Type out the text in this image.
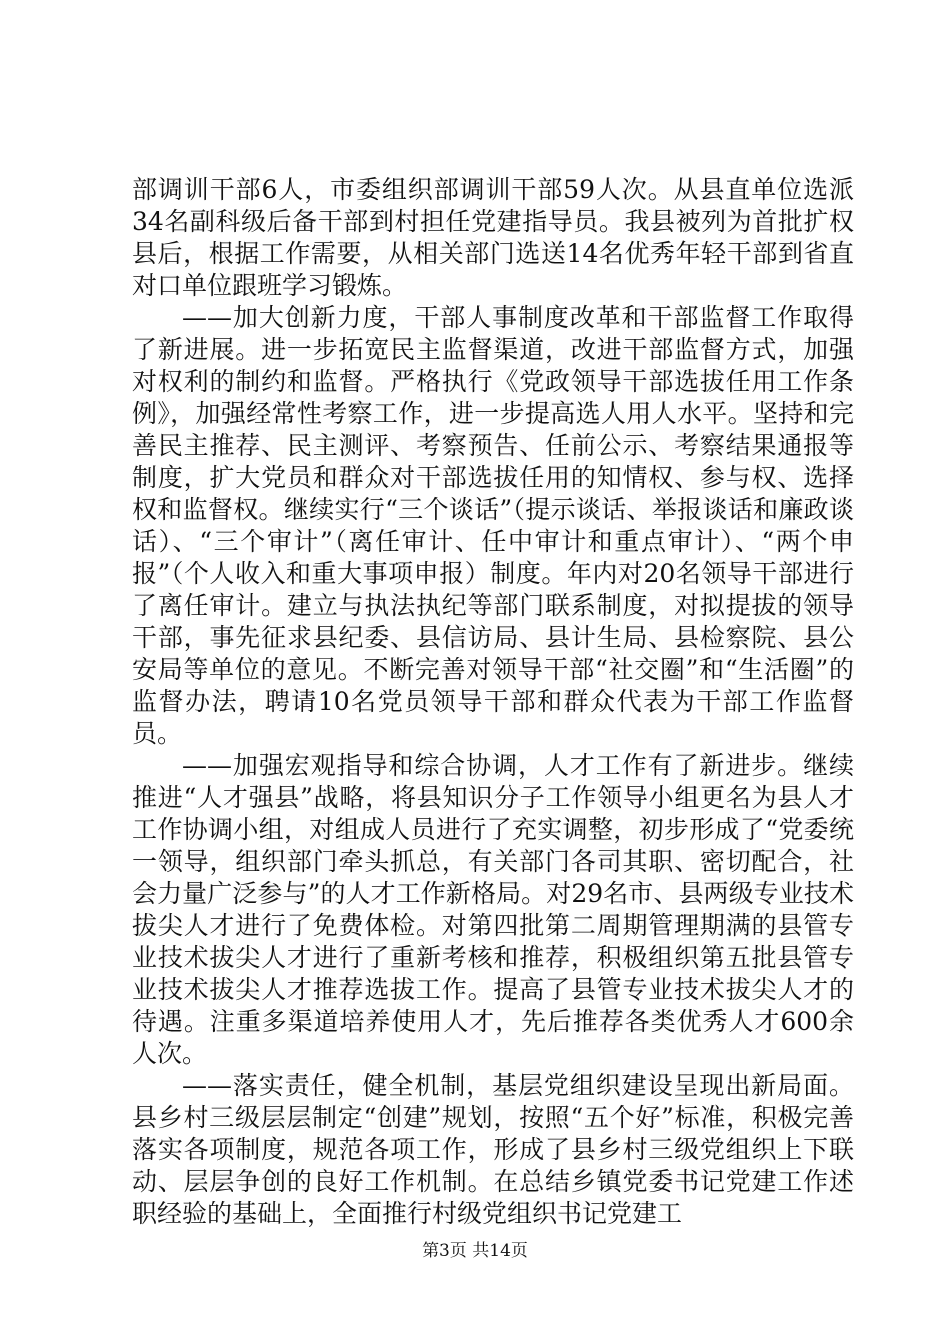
部调训干部6人，市委组织部调训干部59人次。从县直单位选派34名副科级后备干部到村担任党建指导员。我县被列为首批扩权县后，根据工作需要，从相关部门选送14名优秀年轻干部到省直对口单位跟班学习锻炼。

——加大创新力度，干部人事制度改革和干部监督工作取得了新进展。进一步拓宽民主监督渠道，改进干部监督方式，加强对权利的制约和监督。严格执行《党政领导干部选拔任用工作条例》，加强经常性考察工作，进一步提高选人用人水平。坚持和完善民主推荐、民主测评、考察预告、任前公示、考察结果通报等制度，扩大党员和群众对干部选拔任用的知情权、参与权、选择权和监督权。继续实行“三个谈话”（提示谈话、举报谈话和廉政谈话）、“三个审计”（离任审计、任中审计和重点审计）、“两个申报”（个人收入和重大事项申报）制度。年内对20名领导干部进行了离任审计。建立与执法执纪等部门联系制度，对拟提拔的领导干部，事先征求县纪委、县信访局、县计生局、县检察院、县公安局等单位的意见。不断完善对领导干部“社交圈”和“生活圈”的监督办法，聘请10名党员领导干部和群众代表为干部工作监督员。

——加强宏观指导和综合协调，人才工作有了新进步。继续推进“人才强县”战略，将县知识分子工作领导小组更名为县人才工作协调小组，对组成人员进行了充实调整，初步形成了“党委统一领导，组织部门牵头抓总，有关部门各司其职、密切配合，社会力量广泛参与”的人才工作新格局。对29名市、县两级专业技术拔尖人才进行了免费体检。对第四批第二周期管理期满的县管专业技术拔尖人才进行了重新考核和推荐，积极组织第五批县管专业技术拔尖人才推荐选拔工作。提高了县管专业技术拔尖人才的待遇。注重多渠道培养使用人才，先后推荐各类优秀人才600余人次。

——落实责任，健全机制，基层党组织建设呈现出新局面。县乡村三级层层制定“创建”规划，按照“五个好”标准，积极完善落实各项制度，规范各项工作，形成了县乡村三级党组织上下联动、层层争创的良好工作机制。在总结乡镇党委书记党建工作述职经验的基础上，全面推行村级党组织书记党建工

第3页 共14页
